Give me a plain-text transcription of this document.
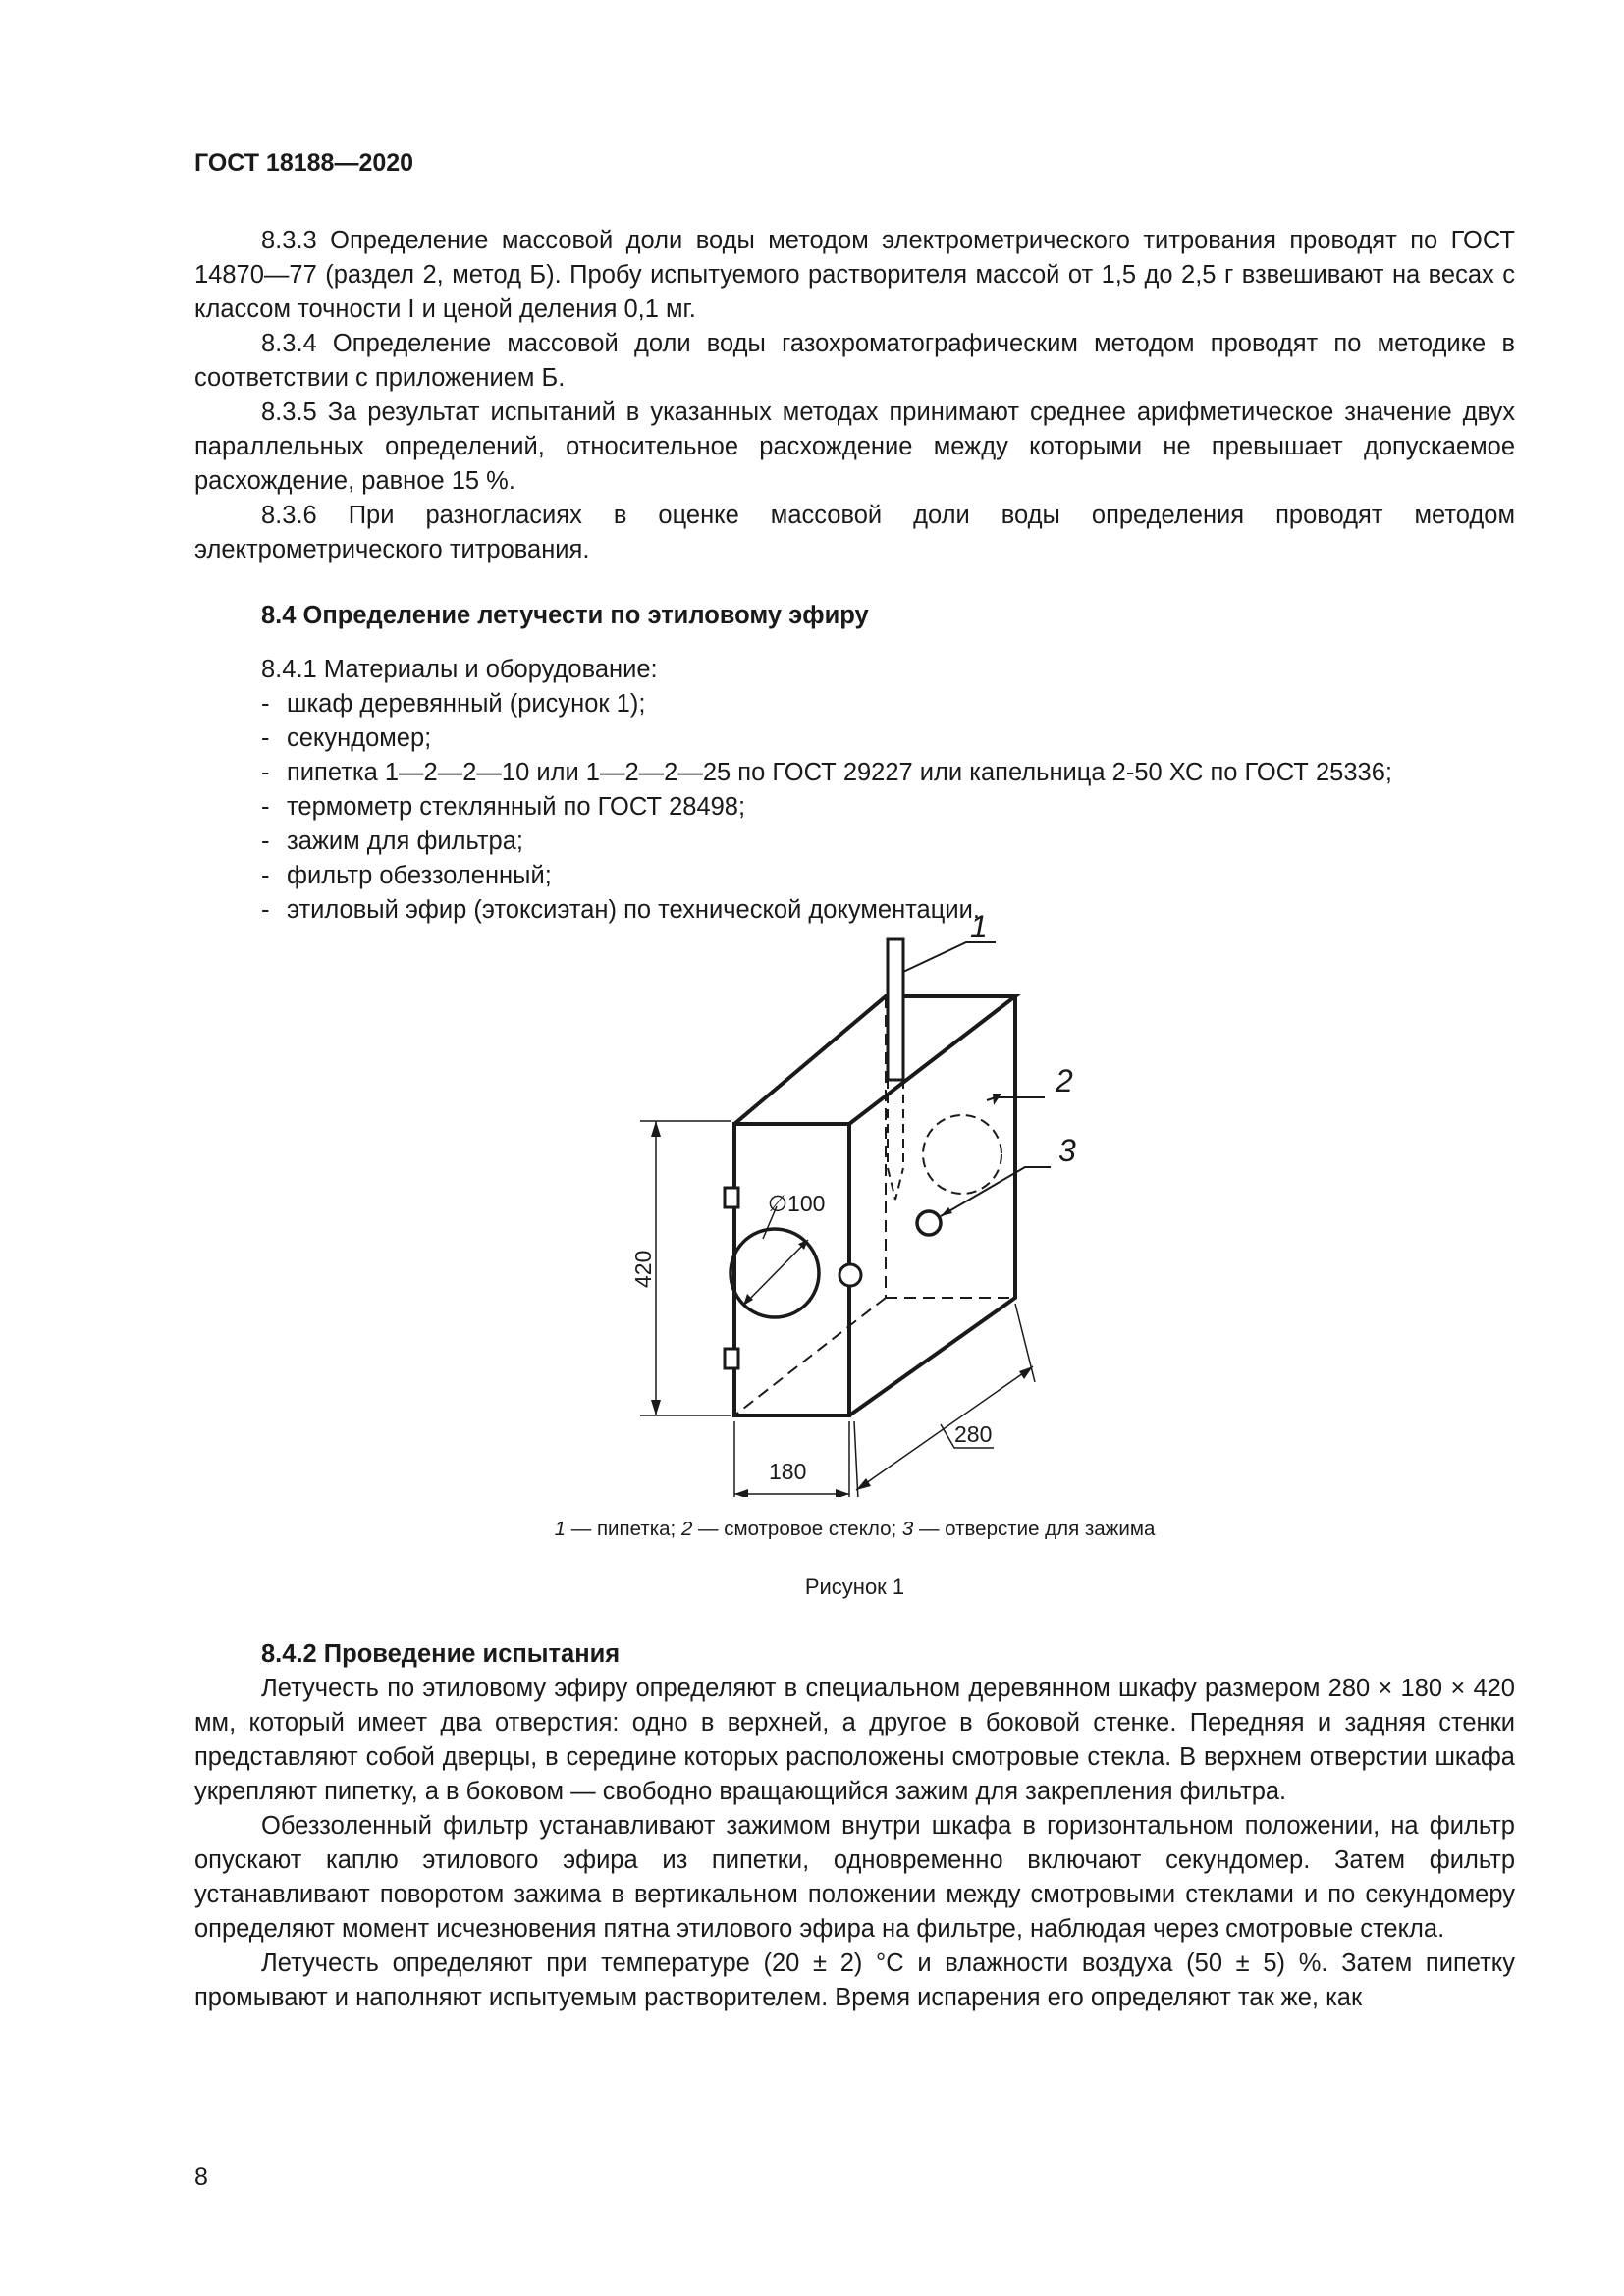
ГОСТ 18188—2020

8.3.3 Определение массовой доли воды методом электрометрического титрования проводят по ГОСТ 14870—77 (раздел 2, метод Б). Пробу испытуемого растворителя массой от 1,5 до 2,5 г взвешивают на весах с классом точности I и ценой деления 0,1 мг.

8.3.4 Определение массовой доли воды газохроматографическим методом проводят по методике в соответствии с приложением Б.

8.3.5 За результат испытаний в указанных методах принимают среднее арифметическое значение двух параллельных определений, относительное расхождение между которыми не превышает допускаемое расхождение, равное 15 %.

8.3.6 При разногласиях в оценке массовой доли воды определения проводят методом электрометрического титрования.

8.4 Определение летучести по этиловому эфиру

8.4.1 Материалы и оборудование:

- шкаф деревянный (рисунок 1);

- секундомер;

- пипетка 1—2—2—10 или 1—2—2—25 по ГОСТ 29227 или капельница 2-50 ХС по ГОСТ 25336;

- термометр стеклянный по ГОСТ 28498;

- зажим для фильтра;

- фильтр обеззоленный;

- этиловый эфир (этоксиэтан) по технической документации.

∅100
1
2
3
420
180
280
1 — пипетка; 2 — смотровое стекло; 3 — отверстие для зажима
Рисунок 1

8.4.2 Проведение испытания

Летучесть по этиловому эфиру определяют в специальном деревянном шкафу размером 280 × 180 × 420 мм, который имеет два отверстия: одно в верхней, а другое в боковой стенке. Передняя и задняя стенки представляют собой дверцы, в середине которых расположены смотровые стекла. В верхнем отверстии шкафа укрепляют пипетку, а в боковом — свободно вращающийся зажим для закрепления фильтра.

Обеззоленный фильтр устанавливают зажимом внутри шкафа в горизонтальном положении, на фильтр опускают каплю этилового эфира из пипетки, одновременно включают секундомер. Затем фильтр устанавливают поворотом зажима в вертикальном положении между смотровыми стеклами и по секундомеру определяют момент исчезновения пятна этилового эфира на фильтре, наблюдая через смотровые стекла.

Летучесть определяют при температуре (20 ± 2) °С и влажности воздуха (50 ± 5) %. Затем пипетку промывают и наполняют испытуемым растворителем. Время испарения его определяют так же, как

8
